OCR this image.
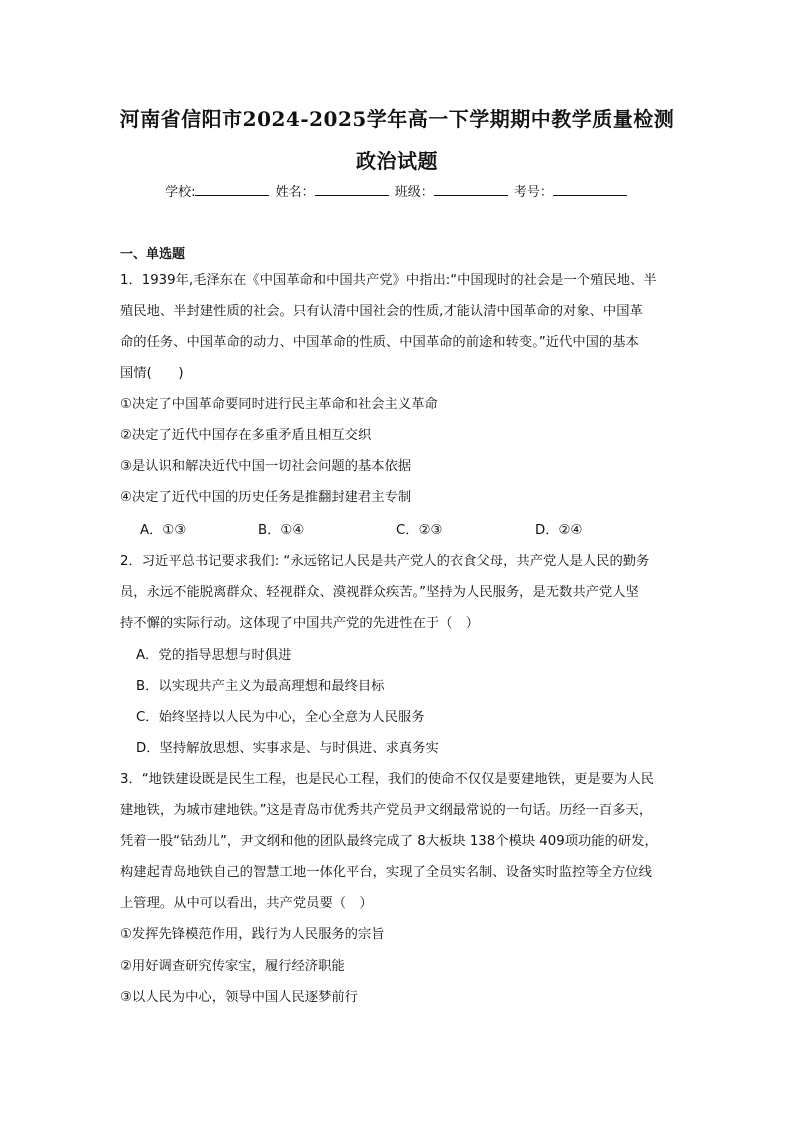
河南省信阳市2024-2025学年高一下学期期中教学质量检测
政治试题
学校:	姓名：	班级：	考号：
一、单选题
1．1939年,毛泽东在《中国革命和中国共产党》中指出:“中国现时的社会是一个殖民地、半
殖民地、半封建性质的社会。只有认清中国社会的性质,才能认清中国革命的对象、中国革
命的任务、中国革命的动力、中国革命的性质、中国革命的前途和转变。”近代中国的基本
国情(　　)
①决定了中国革命要同时进行民主革命和社会主义革命
②决定了近代中国存在多重矛盾且相互交织
③是认识和解决近代中国一切社会问题的基本依据
④决定了近代中国的历史任务是推翻封建君主专制
A．①③	B．①④	C．②③	D．②④
2．习近平总书记要求我们: “永远铭记人民是共产党人的衣食父母，共产党人是人民的勤务
员，永远不能脱离群众、轻视群众、漠视群众疾苦。”坚持为人民服务，是无数共产党人坚
持不懈的实际行动。这体现了中国共产党的先进性在于（　）
A．党的指导思想与时俱进
B．以实现共产主义为最高理想和最终目标
C．始终坚持以人民为中心，全心全意为人民服务
D．坚持解放思想、实事求是、与时俱进、求真务实
3．“地铁建设既是民生工程，也是民心工程，我们的使命不仅仅是要建地铁，更是要为人民
建地铁，为城市建地铁。”这是青岛市优秀共产党员尹文纲最常说的一句话。历经一百多天，
凭着一股“钻劲儿”，尹文纲和他的团队最终完成了 8大板块 138个模块 409项功能的研发，
构建起青岛地铁自己的智慧工地一体化平台，实现了全员实名制、设备实时监控等全方位线
上管理。从中可以看出，共产党员要（　）
①发挥先锋模范作用，践行为人民服务的宗旨
②用好调查研究传家宝，履行经济职能
③以人民为中心，领导中国人民逐梦前行
